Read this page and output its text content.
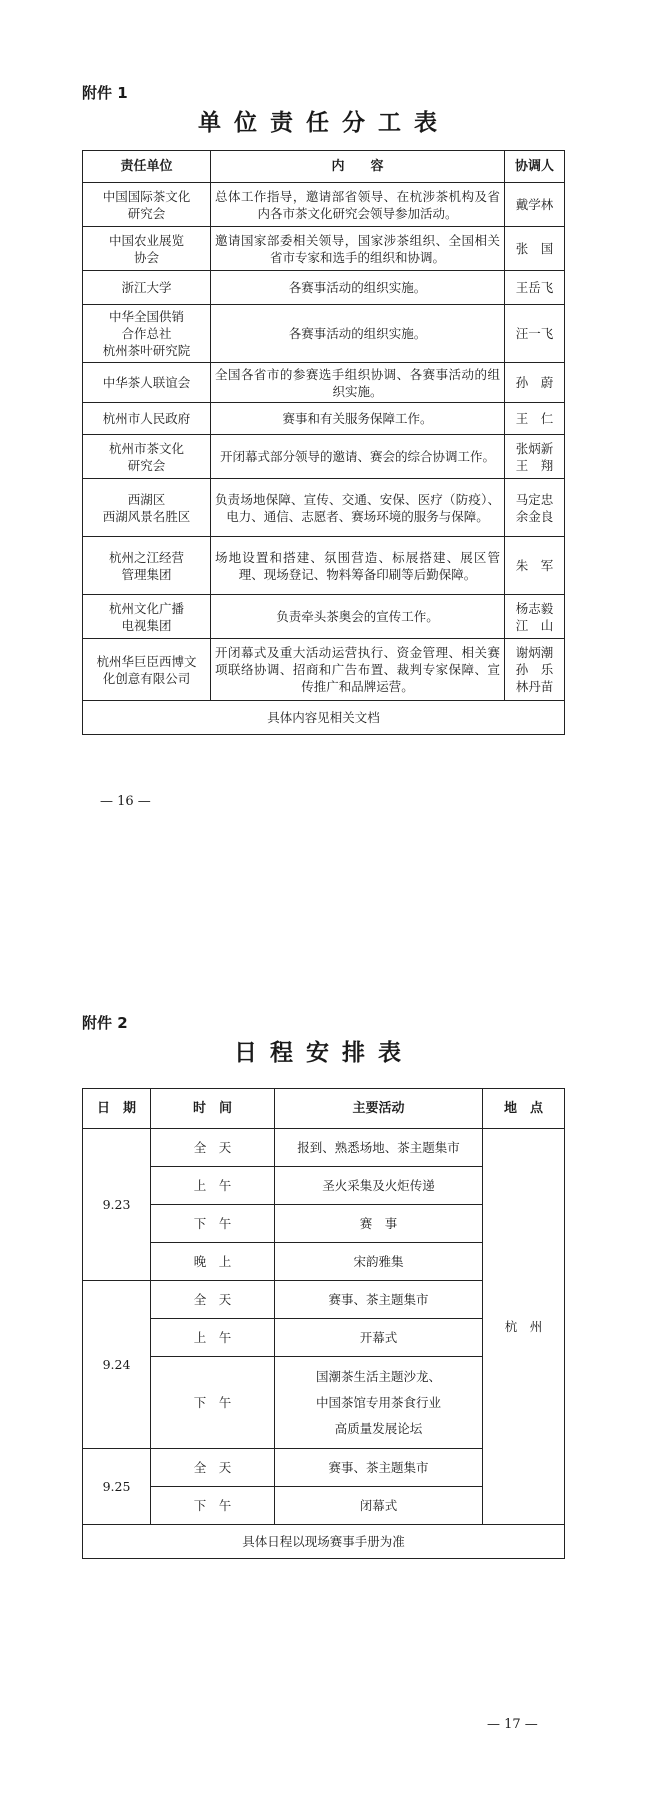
附件 1
单位责任分工表
责任单位	内　　容	协调人

中国国际茶文化
研究会	总体工作指导，邀请部省领导、在杭涉茶机构及省内各市茶文化研究会领导参加活动。	戴学林

中国农业展览
协会	邀请国家部委相关领导，国家涉茶组织、全国相关省市专家和选手的组织和协调。	张　国

浙江大学	各赛事活动的组织实施。	王岳飞

中华全国供销
合作总社
杭州茶叶研究院	各赛事活动的组织实施。	汪一飞

中华茶人联谊会	全国各省市的参赛选手组织协调、各赛事活动的组织实施。	孙　蔚

杭州市人民政府	赛事和有关服务保障工作。	王　仁

杭州市茶文化
研究会	开闭幕式部分领导的邀请、赛会的综合协调工作。	张炳新
王　翔

西湖区
西湖风景名胜区	负责场地保障、宣传、交通、安保、医疗（防疫）、电力、通信、志愿者、赛场环境的服务与保障。	马定忠
余金良

杭州之江经营
管理集团	场地设置和搭建、氛围营造、标展搭建、展区管理、现场登记、物料筹备印刷等后勤保障。	朱　军

杭州文化广播
电视集团	负责牵头茶奥会的宣传工作。	杨志毅
江　山

杭州华巨臣西博文
化创意有限公司	开闭幕式及重大活动运营执行、资金管理、相关赛项联络协调、招商和广告布置、裁判专家保障、宣传推广和品牌运营。	谢炳潮
孙　乐
林丹苗

具体内容见相关文档		
— 16 —
附件 2
日程安排表
日　期	时　间	主要活动	地　点
9.23	全　天	报到、熟悉场地、茶主题集市	杭　州
	上　午	圣火采集及火炬传递	

	下　午	赛　事	

	晚　上	宋韵雅集	

9.24	全　天	赛事、茶主题集市	

	上　午	开幕式	

	下　午	国潮茶生活主题沙龙、
中国茶馆专用茶食行业
高质量发展论坛	

9.25	全　天	赛事、茶主题集市	

	下　午	闭幕式	

具体日程以现场赛事手册为准			
— 17 —
